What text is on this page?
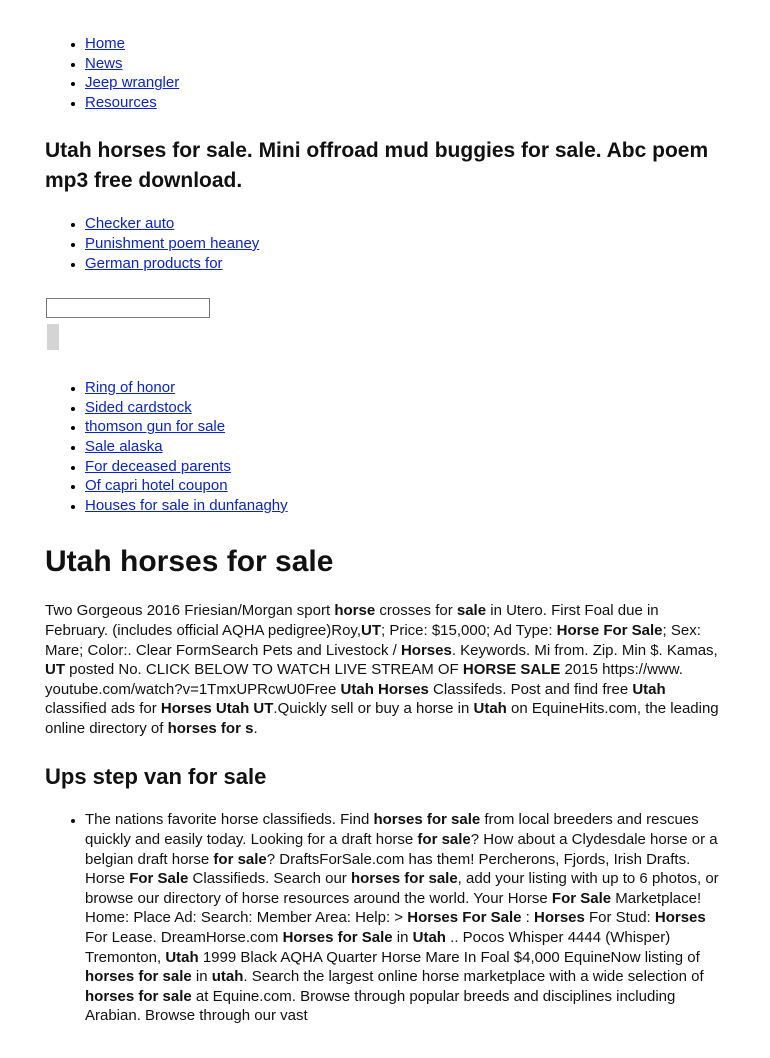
• Home
• News
• Jeep wrangler
• Resources
Utah horses for sale. Mini offroad mud buggies for sale. Abc poem mp3 free download.
• Checker auto
• Punishment poem heaney
• German products for
• Ring of honor
• Sided cardstock
• thomson gun for sale
• Sale alaska
• For deceased parents
• Of capri hotel coupon
• Houses for sale in dunfanaghy
Utah horses for sale

Two Gorgeous 2016 Friesian/Morgan sport horse crosses for sale in Utero. First Foal due in February. (includes official AQHA pedigree)Roy,UT; Price: $15,000; Ad Type: Horse For Sale; Sex: Mare; Color:. Clear FormSearch Pets and Livestock / Horses. Keywords. Mi from. Zip. Min $. Kamas, UT posted No. CLICK BELOW TO WATCH LIVE STREAM OF HORSE SALE 2015 https://www. youtube.com/watch?v=1TmxUPRcwU0Free Utah Horses Classifeds. Post and find free Utah classified ads for Horses Utah UT.Quickly sell or buy a horse in Utah on EquineHits.com, the leading online directory of horses for s.

Ups step van for sale
• The nations favorite horse classifieds. Find horses for sale from local breeders and rescues quickly and easily today. Looking for a draft horse for sale? How about a Clydesdale horse or a belgian draft horse for sale? DraftsForSale.com has them! Percherons, Fjords, Irish Drafts. Horse For Sale Classifieds. Search our horses for sale, add your listing with up to 6 photos, or browse our directory of horse resources around the world. Your Horse For Sale Marketplace! Home: Place Ad: Search: Member Area: Help: > Horses For Sale : Horses For Stud: Horses For Lease. DreamHorse.com Horses for Sale in Utah .. Pocos Whisper 4444 (Whisper) Tremonton, Utah 1999 Black AQHA Quarter Horse Mare In Foal $4,000 EquineNow listing of horses for sale in utah. Search the largest online horse marketplace with a wide selection of horses for sale at Equine.com. Browse through popular breeds and disciplines including Arabian. Browse through our vast
